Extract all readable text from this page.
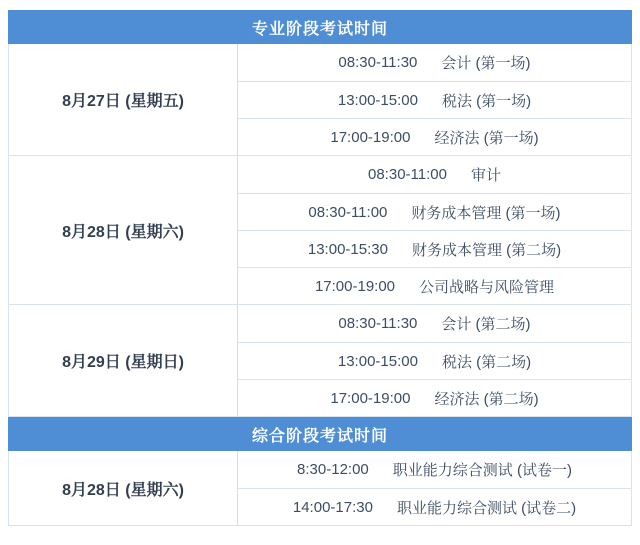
专业阶段考试时间
8月27日 (星期五)
08:30-11:30 会计 (第一场)
13:00-15:00 税法 (第一场)
17:00-19:00 经济法 (第一场)
8月28日 (星期六)
08:30-11:00 审计
08:30-11:00 财务成本管理 (第一场)
13:00-15:30 财务成本管理 (第二场)
17:00-19:00 公司战略与风险管理
8月29日 (星期日)
08:30-11:30 会计 (第二场)
13:00-15:00 税法 (第二场)
17:00-19:00 经济法 (第二场)
综合阶段考试时间
8月28日 (星期六)
8:30-12:00 职业能力综合测试 (试卷一)
14:00-17:30 职业能力综合测试 (试卷二)
